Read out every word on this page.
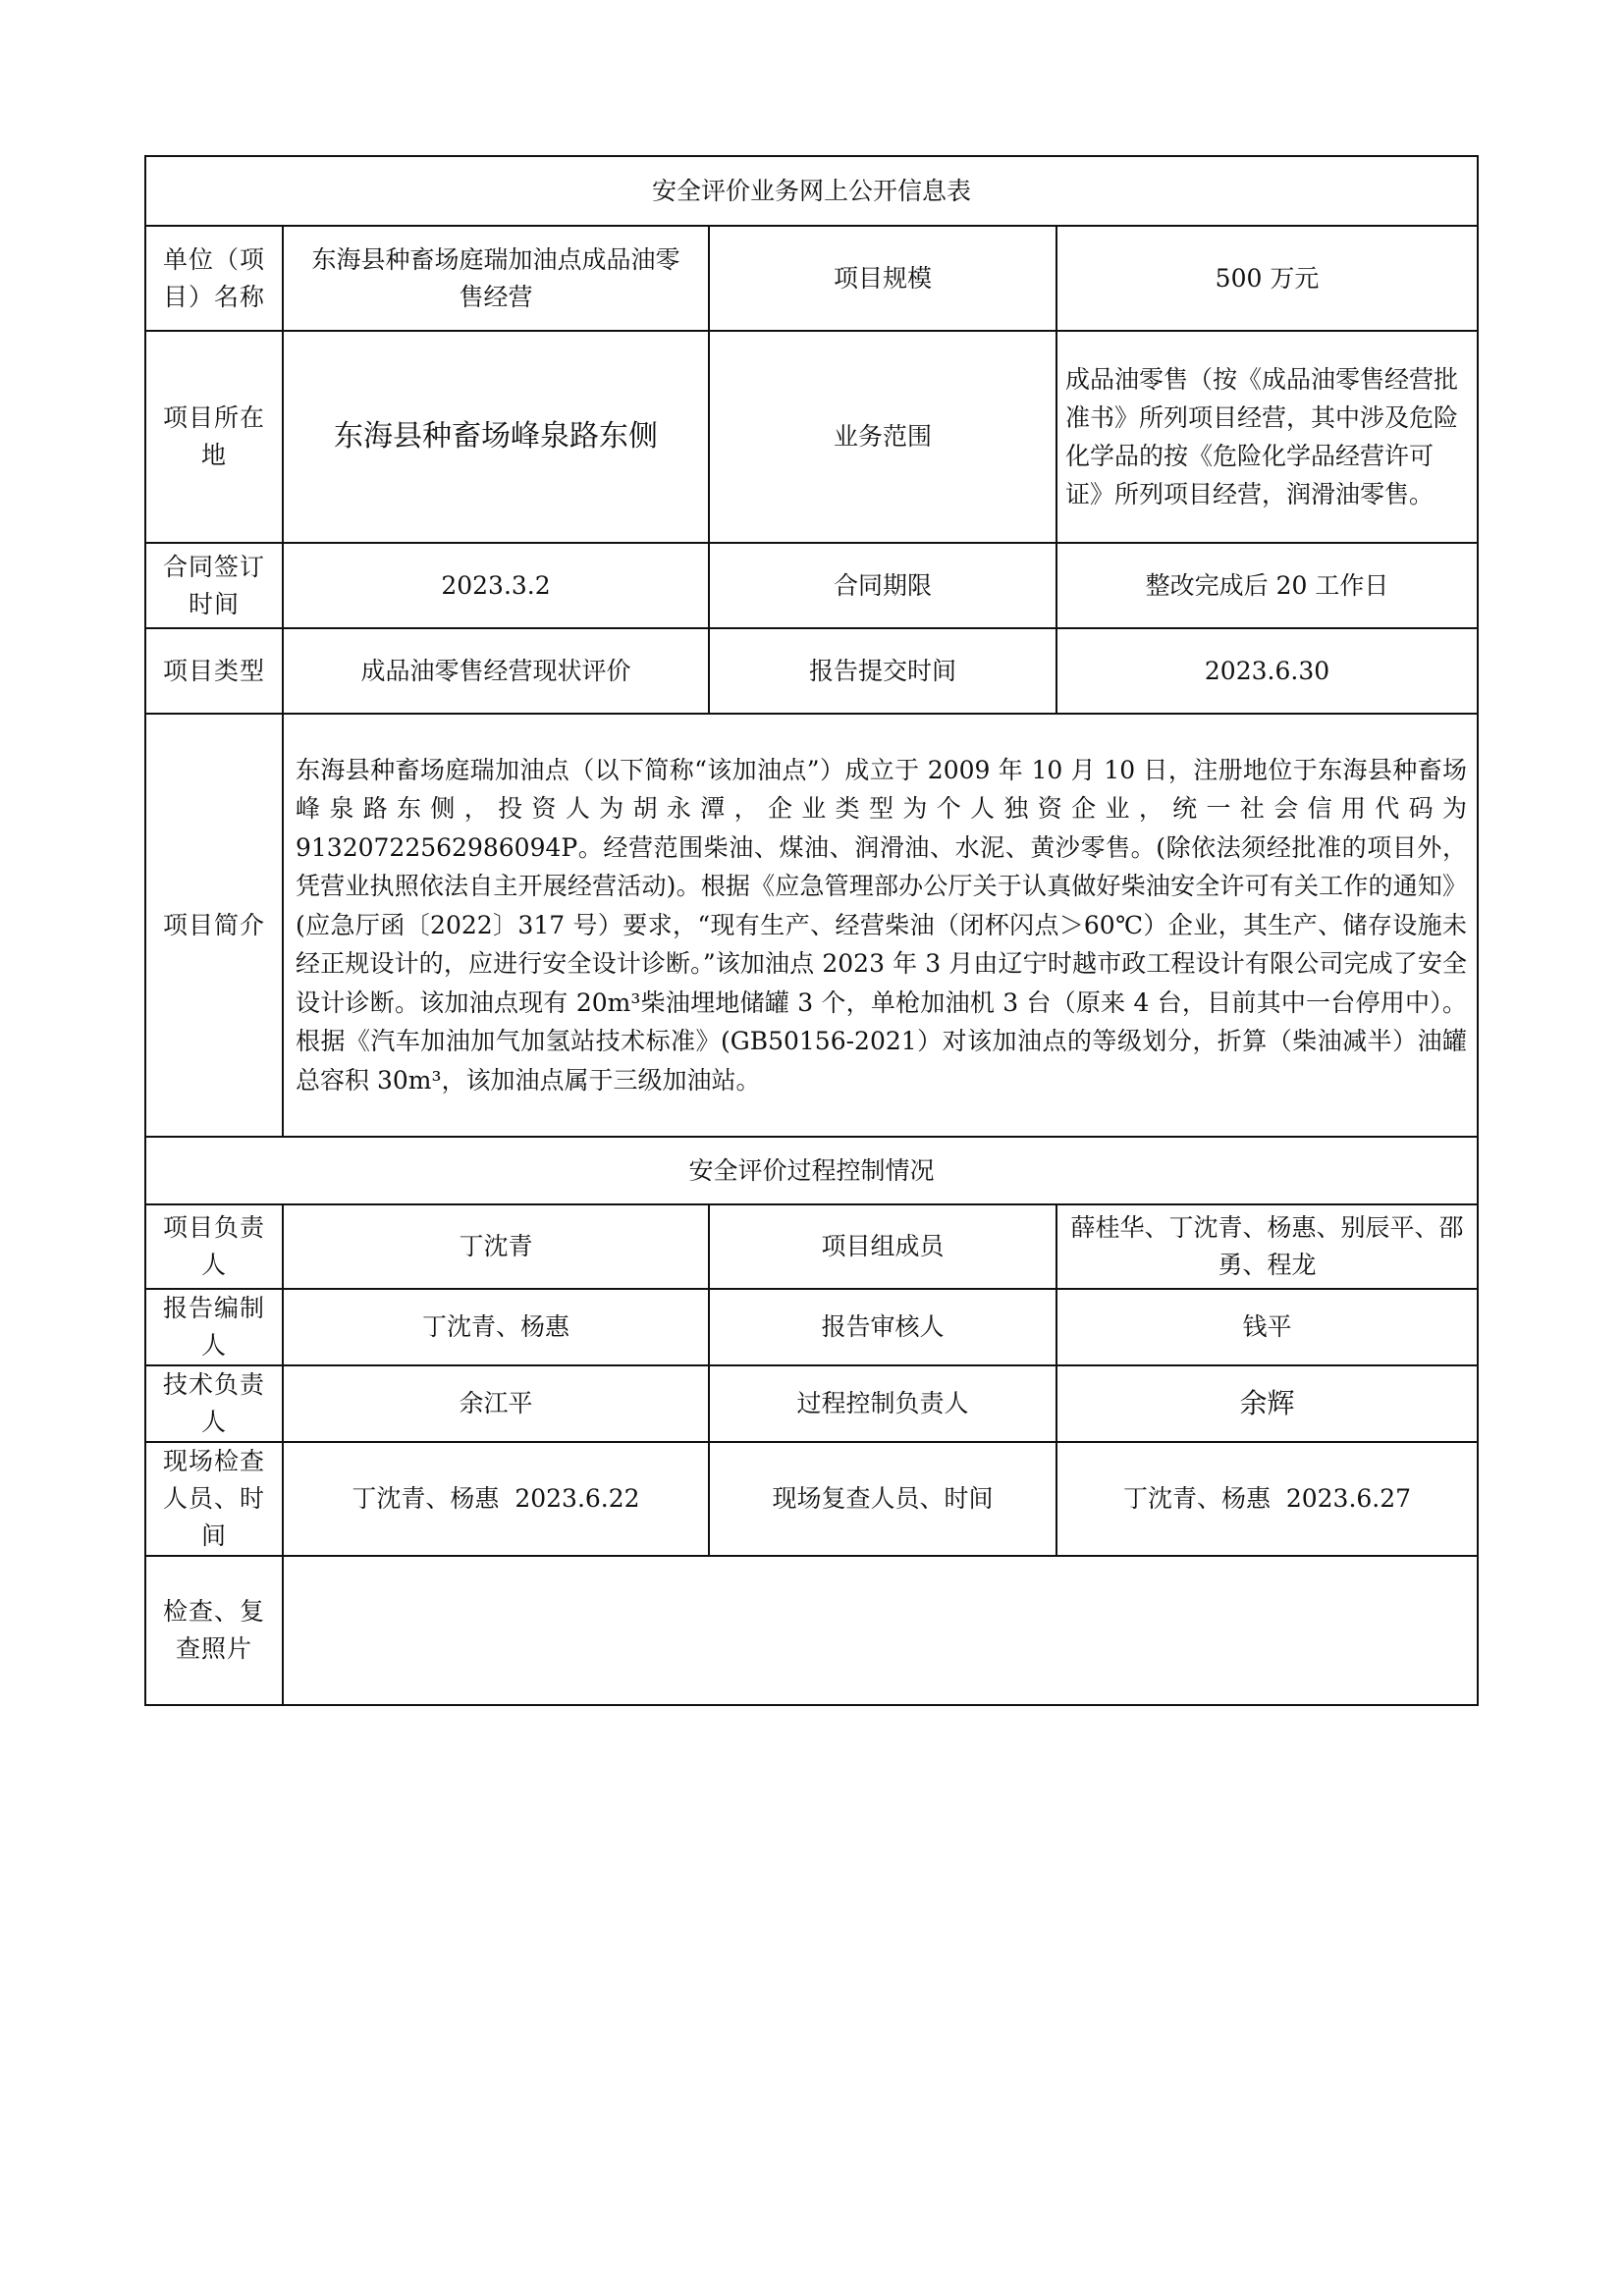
安全评价业务网上公开信息表			
单位（项目）名称	东海县种畜场庭瑞加油点成品油零售经营	项目规模	500 万元
项目所在地	东海县种畜场峰泉路东侧	业务范围	成品油零售（按《成品油零售经营批准书》所列项目经营，其中涉及危险化学品的按《危险化学品经营许可证》所列项目经营，润滑油零售。
合同签订时间	2023.3.2	合同期限	整改完成后 20 工作日
项目类型	成品油零售经营现状评价	报告提交时间	2023.6.30
项目简介	东海县种畜场庭瑞加油点（以下简称“该加油点”）成立于 2009 年 10 月 10 日，注册地位于东海县种畜场峰泉路东侧，投资人为胡永潭，企业类型为个人独资企业，统一社会信用代码为 91320722562986094P。经营范围柴油、煤油、润滑油、水泥、黄沙零售。(除依法须经批准的项目外，凭营业执照依法自主开展经营活动)。根据《应急管理部办公厅关于认真做好柴油安全许可有关工作的通知》(应急厅函〔2022〕317 号）要求，“现有生产、经营柴油（闭杯闪点＞60℃）企业，其生产、储存设施未经正规设计的，应进行安全设计诊断。”该加油点 2023 年 3 月由辽宁时越市政工程设计有限公司完成了安全设计诊断。该加油点现有 20m³柴油埋地储罐 3 个，单枪加油机 3 台（原来 4 台，目前其中一台停用中）。根据《汽车加油加气加氢站技术标准》(GB50156-2021）对该加油点的等级划分，折算（柴油减半）油罐总容积 30m³，该加油点属于三级加油站。		
安全评价过程控制情况			
项目负责人	丁沈青	项目组成员	薛桂华、丁沈青、杨惠、别辰平、邵勇、程龙
报告编制人	丁沈青、杨惠	报告审核人	钱平
技术负责人	余江平	过程控制负责人	余辉
现场检查人员、时间	丁沈青、杨惠  2023.6.22	现场复查人员、时间	丁沈青、杨惠  2023.6.27
检查、复查照片			
